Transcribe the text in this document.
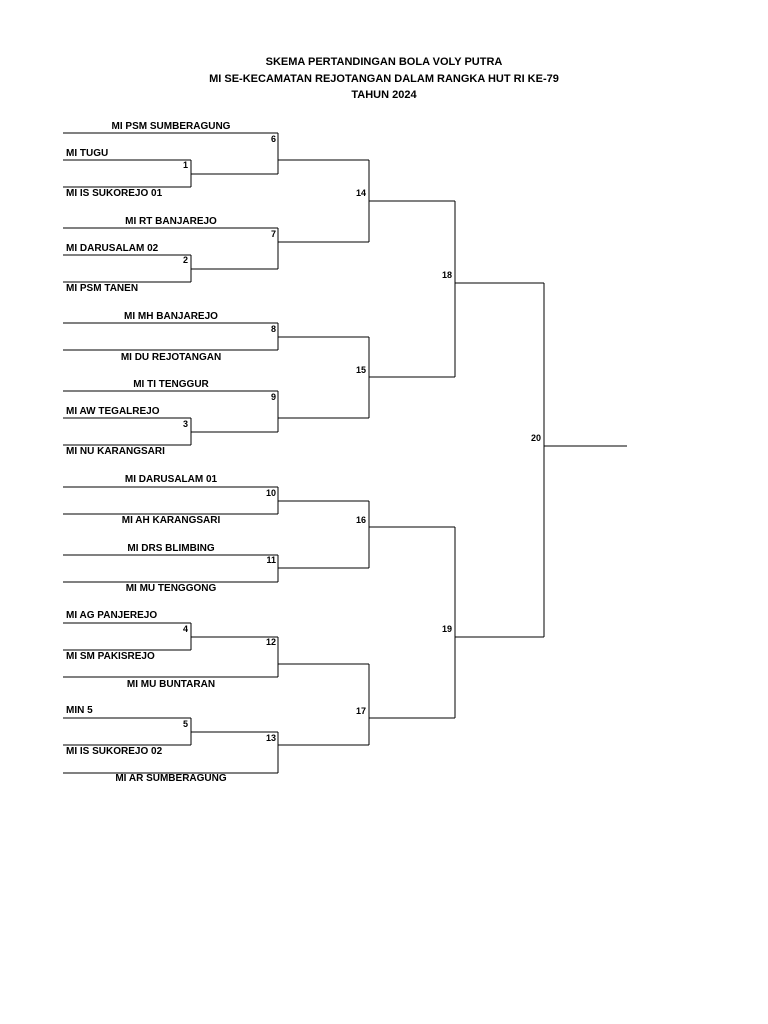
SKEMA PERTANDINGAN BOLA VOLY PUTRA
MI SE-KECAMATAN REJOTANGAN DALAM RANGKA HUT RI KE-79
TAHUN 2024
MI PSM SUMBERAGUNG
MI TUGU
MI IS SUKOREJO 01
MI RT BANJAREJO
MI DARUSALAM 02
MI PSM TANEN
MI MH BANJAREJO
MI DU REJOTANGAN
MI TI TENGGUR
MI AW TEGALREJO
MI NU KARANGSARI
MI DARUSALAM 01
MI AH KARANGSARI
MI DRS BLIMBING
MI MU TENGGONG
MI AG PANJEREJO
MI SM PAKISREJO
MI MU BUNTARAN
MIN 5
MI IS SUKOREJO 02
MI AR SUMBERAGUNG
1
2
3
4
5
6
7
8
9
10
11
12
13
14
15
16
17
18
19
20
